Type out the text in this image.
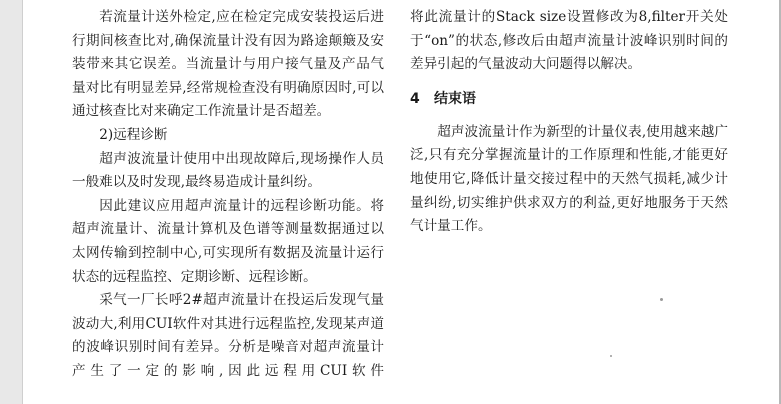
若流量计送外检定,应在检定完成安装投运后进行期间核查比对,确保流量计没有因为路途颠簸及安装带来其它误差。当流量计与用户接气量及产品气量对比有明显差异,经常规检查没有明确原因时,可以通过核查比对来确定工作流量计是否超差。

2)远程诊断

超声波流量计使用中出现故障后,现场操作人员一般难以及时发现,最终易造成计量纠纷。

因此建议应用超声流量计的远程诊断功能。将超声流量计、流量计算机及色谱等测量数据通过以太网传输到控制中心,可实现所有数据及流量计运行状态的远程监控、定期诊断、远程诊断。

采气一厂长呼2#超声流量计在投运后发现气量波动大,利用CUI软件对其进行远程监控,发现某声道的波峰识别时间有差异。分析是噪音对超声流量计产生了一定的影响,因此远程用CUI软件

将此流量计的Stack size设置修改为8,filter开关处于“on”的状态,修改后由超声流量计波峰识别时间的差异引起的气量波动大问题得以解决。

4 结束语

超声波流量计作为新型的计量仪表,使用越来越广泛,只有充分掌握流量计的工作原理和性能,才能更好地使用它,降低计量交接过程中的天然气损耗,减少计量纠纷,切实维护供求双方的利益,更好地服务于天然气计量工作。
